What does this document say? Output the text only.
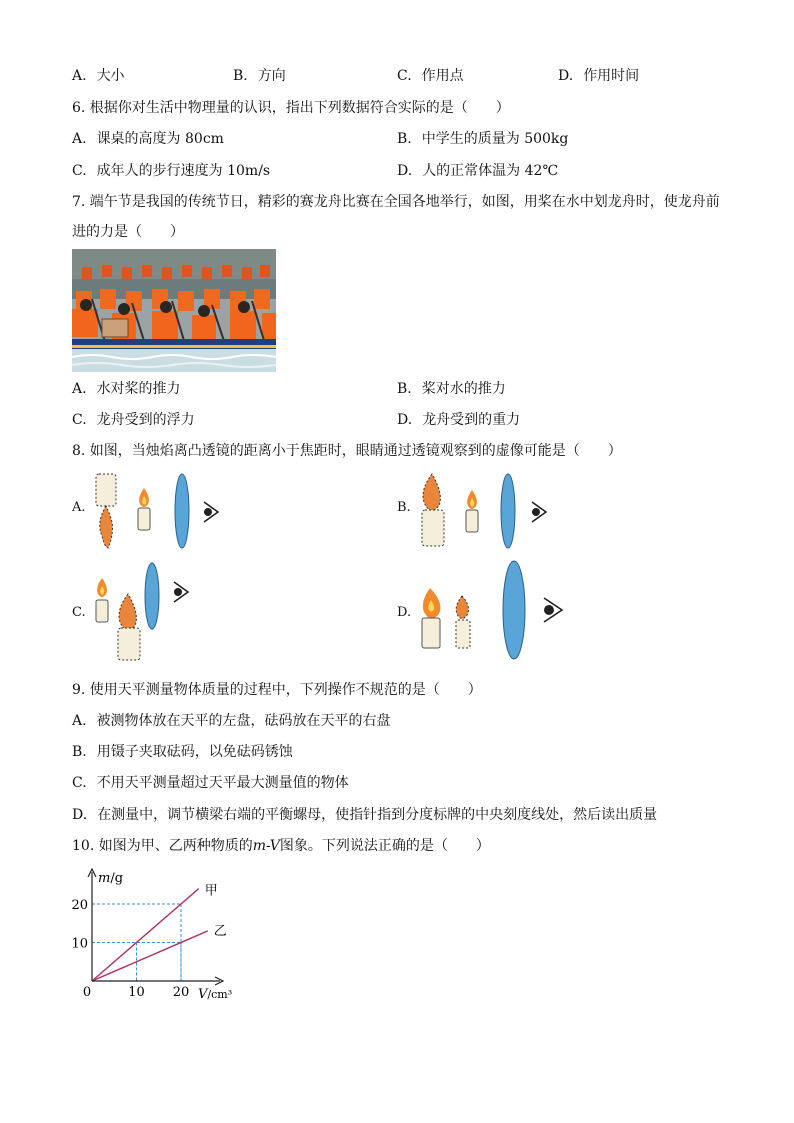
A. 大小	B. 方向	C. 作用点	D. 作用时间
6. 根据你对生活中物理量的认识，指出下列数据符合实际的是（　　）
A. 课桌的高度为 80cm	B. 中学生的质量为 500kg
C. 成年人的步行速度为 10m/s	D. 人的正常体温为 42℃
7. 端午节是我国的传统节日，精彩的赛龙舟比赛在全国各地举行，如图，用桨在水中划龙舟时，使龙舟前
进的力是（　　）
A. 水对桨的推力	B. 桨对水的推力
C. 龙舟受到的浮力	D. 龙舟受到的重力
8. 如图，当烛焰离凸透镜的距离小于焦距时，眼睛通过透镜观察到的虚像可能是（　　）
A.	B.
C.	D.
9. 使用天平测量物体质量的过程中，下列操作不规范的是（　　）
A. 被测物体放在天平的左盘，砝码放在天平的右盘
B. 用镊子夹取砝码，以免砝码锈蚀
C. 不用天平测量超过天平最大测量值的物体
D. 在测量中，调节横梁右端的平衡螺母，使指针指到分度标牌的中央刻度线处，然后读出质量
10. 如图为甲、乙两种物质的m-V图象。下列说法正确的是（　　）
甲
乙
10 20
10
20
m/g
V/cm³
0
